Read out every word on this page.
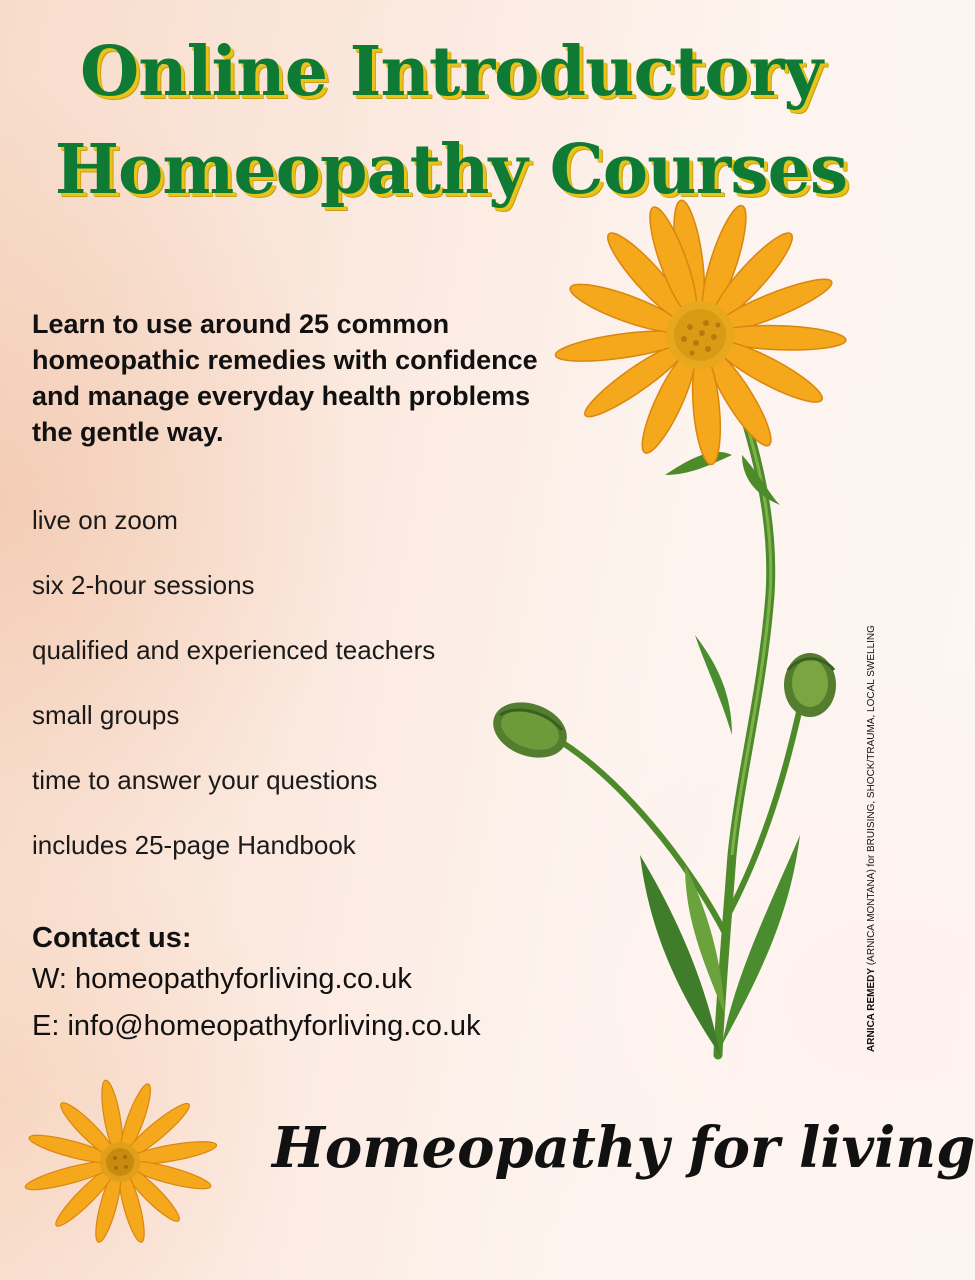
Online Introductory
Homeopathy Courses
Learn to use around 25 common homeopathic remedies with confidence and manage everyday health problems the gentle way.
live on zoom
six 2-hour sessions
qualified and experienced teachers
small groups
time to answer your questions
includes 25-page Handbook
Contact us:
W: homeopathyforliving.co.uk
E: info@homeopathyforliving.co.uk	ARNICA REMEDY (ARNICA MONTANA) for BRUISING, SHOCK/TRAUMA, LOCAL SWELLING
Homeopathy for living
